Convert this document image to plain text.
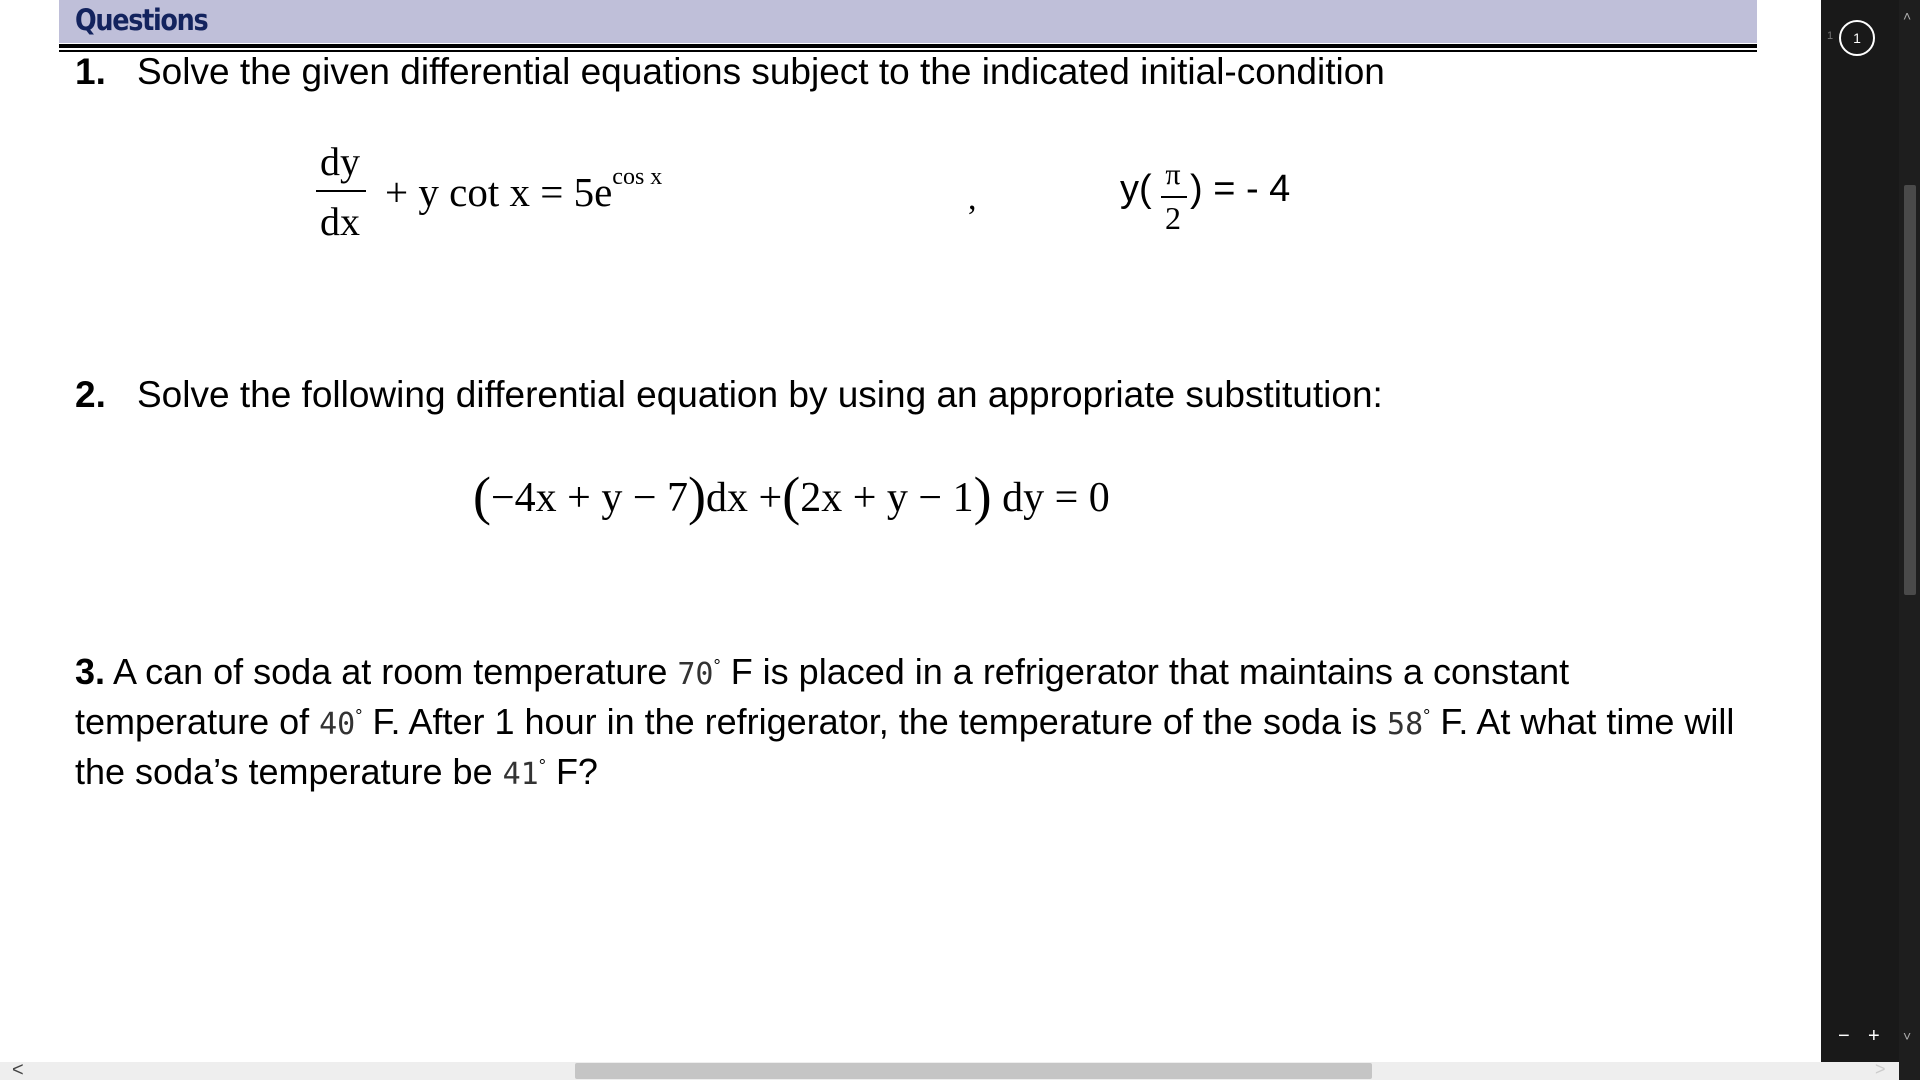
Questions
1. Solve the given differential equations subject to the indicated initial-condition
dy
dx
+ y $\cot x = 5e^{cos x}$
,	y( π
2
) = - 4
2. Solve the following differential equation by using an appropriate substitution:
(−4x + y − 7)dx +(2x + y − 1) dy = 0
3. A can of soda at room temperature 70° F is placed in a refrigerator that maintains a constant temperature of 40° F. After 1 hour in the refrigerator, the temperature of the soda is 58° F. At what time will the soda’s temperature be 41° F?
1	1
− +
˄
˅
<	>
